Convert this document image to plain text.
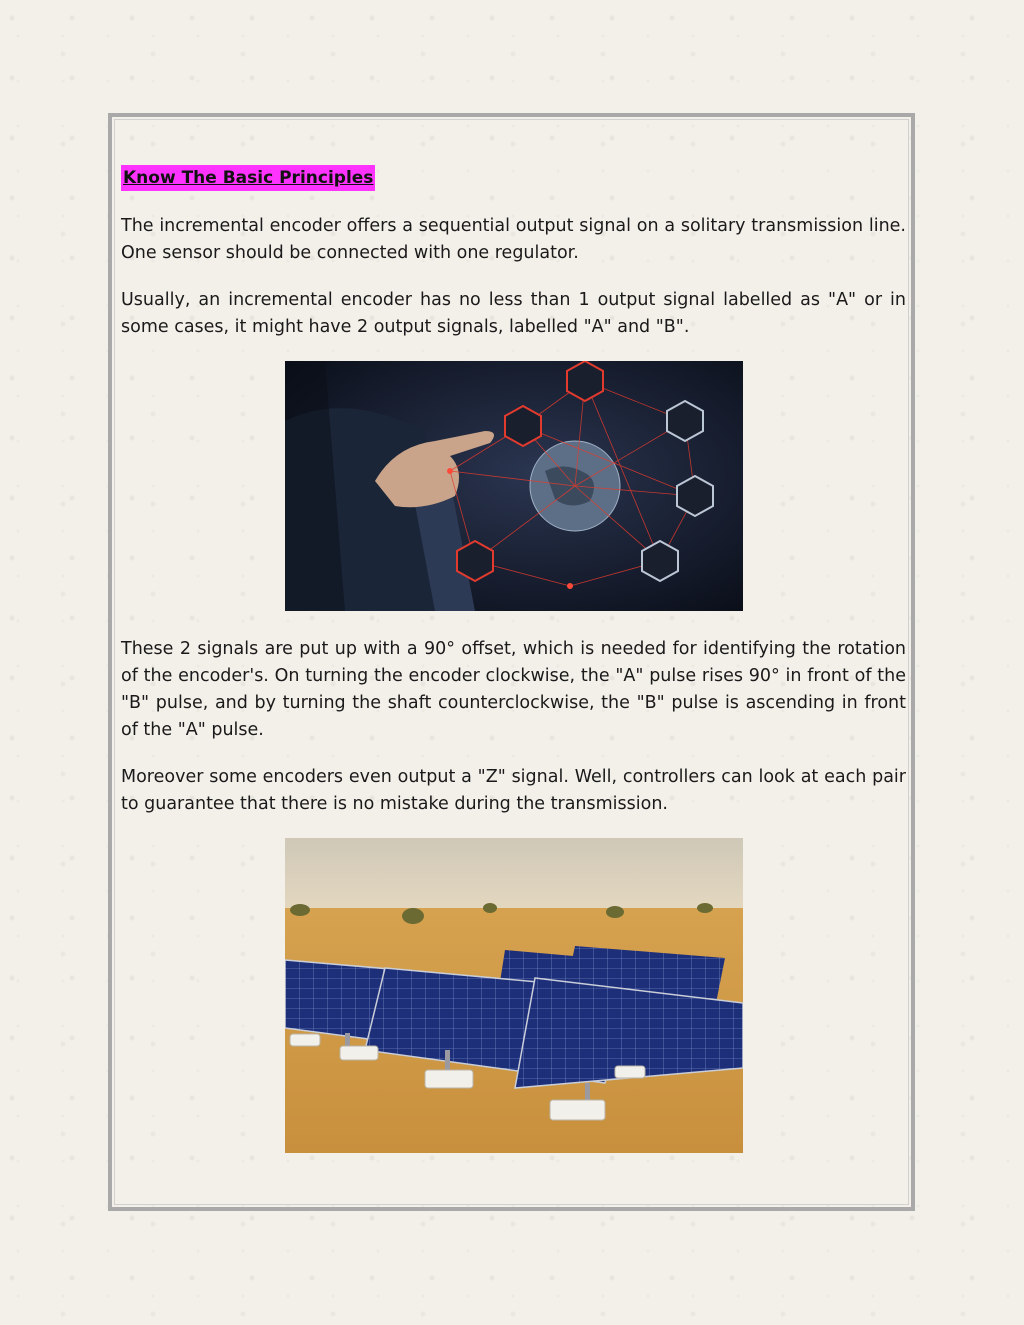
Know The Basic Principles

The incremental encoder offers a sequential output signal on a solitary transmission line. One sensor should be connected with one regulator.

Usually, an incremental encoder has no less than 1 output signal labelled as "A" or in some cases, it might have 2 output signals, labelled "A" and "B".

These 2 signals are put up with a 90° offset, which is needed for identifying the rotation of the encoder's. On turning the encoder clockwise, the "A" pulse rises 90° in front of the "B" pulse, and by turning the shaft counterclockwise, the "B" pulse is ascending in front of the "A" pulse.

Moreover some encoders even output a "Z" signal. Well, controllers can look at each pair to guarantee that there is no mistake during the transmission.
